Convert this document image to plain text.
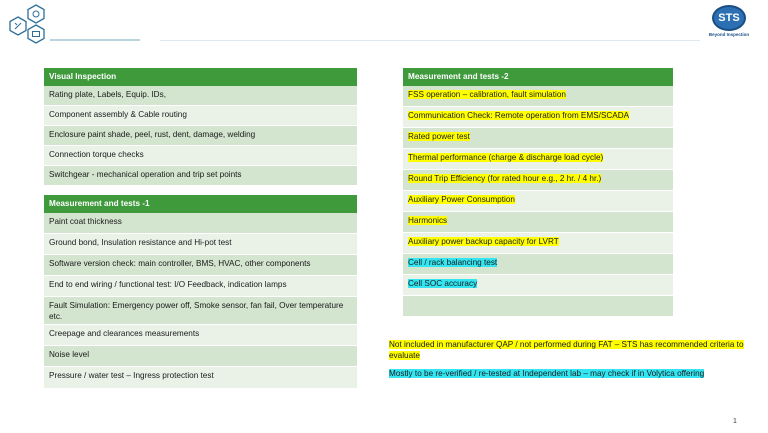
STS
Beyond Inspection
Visual Inspection
Rating plate, Labels, Equip. IDs,
Component assembly & Cable routing
Enclosure paint shade, peel, rust, dent, damage, welding
Connection torque checks
Switchgear - mechanical operation and trip set points
Measurement and tests -1
Paint coat thickness
Ground bond, Insulation resistance and Hi-pot test
Software version check: main controller, BMS, HVAC, other components
End to end wiring / functional test: I/O Feedback, indication lamps
Fault Simulation: Emergency power off, Smoke sensor, fan fail, Over temperature etc.
Creepage and clearances measurements
Noise level
Pressure / water test – Ingress protection test
Measurement and tests -2
FSS operation – calibration, fault simulation
Communication Check: Remote operation from EMS/SCADA
Rated power test
Thermal performance (charge & discharge load cycle)
Round Trip Efficiency (for rated hour e.g., 2 hr. / 4 hr.)
Auxiliary Power Consumption
Harmonics
Auxiliary power backup capacity for LVRT
Cell / rack balancing test
Cell SOC accuracy
Not included in manufacturer QAP / not performed during FAT – STS has recommended criteria to evaluate
Mostly to be re-verified / re-tested at Independent lab – may check if in Volytica offering
1
